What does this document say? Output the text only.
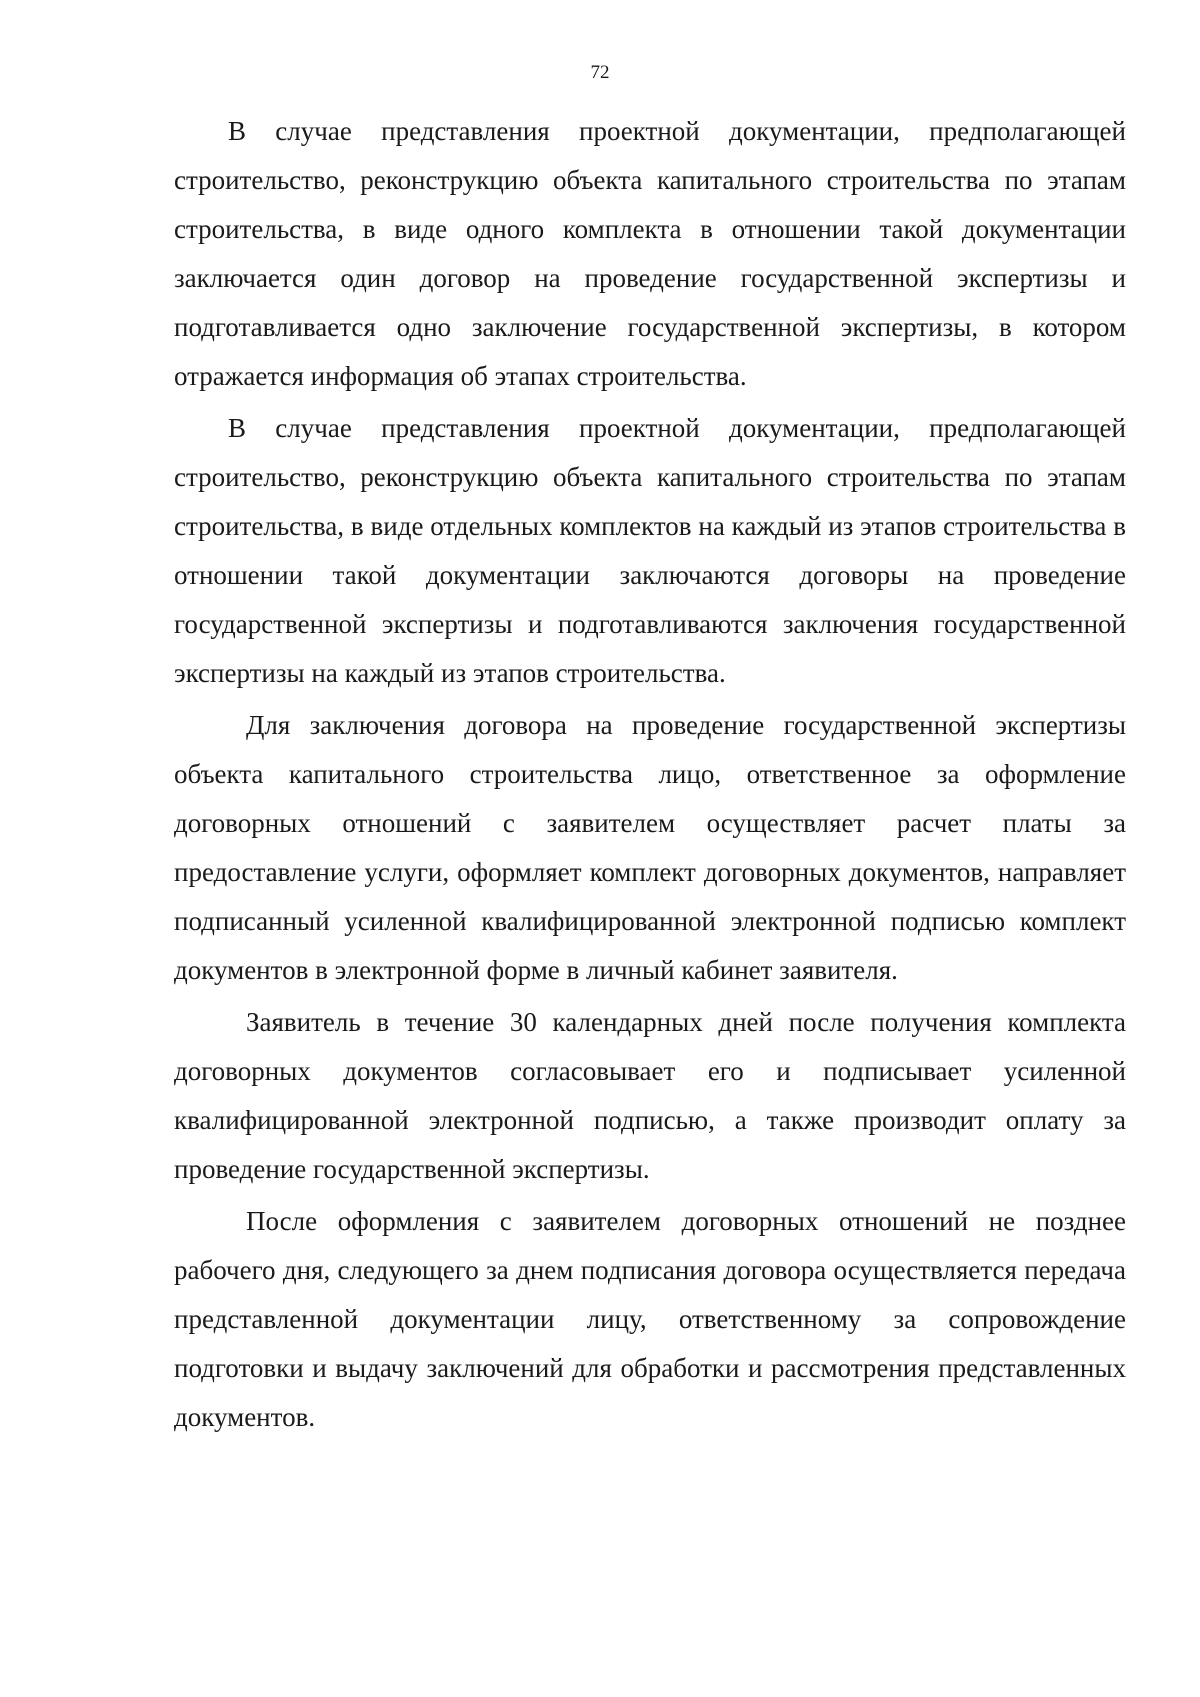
72

В случае представления проектной документации, предполагающей строительство, реконструкцию объекта капитального строительства по этапам строительства, в виде одного комплекта в отношении такой документации заключается один договор на проведение государственной экспертизы и подготавливается одно заключение государственной экспертизы, в котором отражается информация об этапах строительства.

В случае представления проектной документации, предполагающей строительство, реконструкцию объекта капитального строительства по этапам строительства, в виде отдельных комплектов на каждый из этапов строительства в отношении такой документации заключаются договоры на проведение государственной экспертизы и подготавливаются заключения государственной экспертизы на каждый из этапов строительства.

Для заключения договора на проведение государственной экспертизы объекта капитального строительства лицо, ответственное за оформление договорных отношений с заявителем осуществляет расчет платы за предоставление услуги, оформляет комплект договорных документов, направляет подписанный усиленной квалифицированной электронной подписью комплект документов в электронной форме в личный кабинет заявителя.

Заявитель в течение 30 календарных дней после получения комплекта договорных документов согласовывает его и подписывает усиленной квалифицированной электронной подписью, а также производит оплату за проведение государственной экспертизы.

После оформления с заявителем договорных отношений не позднее рабочего дня, следующего за днем подписания договора осуществляется передача представленной документации лицу, ответственному за сопровождение подготовки и выдачу заключений для обработки и рассмотрения представленных документов.
